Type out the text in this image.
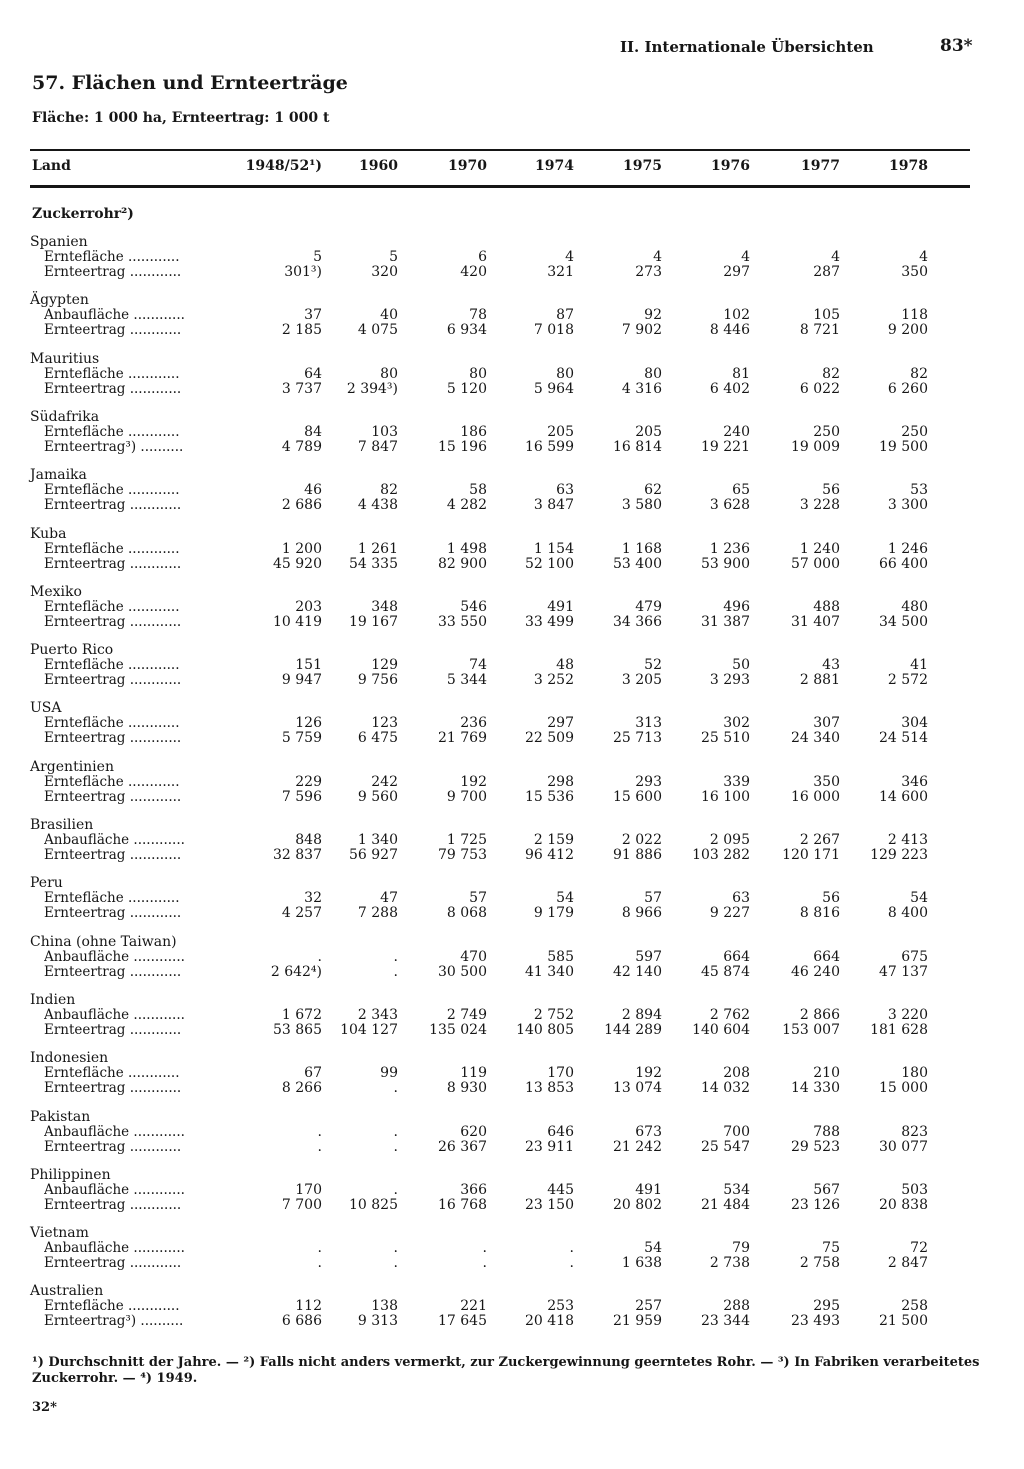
II. Internationale Übersichten	83*
57. Flächen und Ernteerträge
Fläche: 1 000 ha, Ernteertrag: 1 000 t
Land	1948/52¹)	1960	1970	1974	1975	1976	1977	1978
Zuckerrohr²)
Spanien
Erntefläche ............	5	5	6	4	4	4	4	4
Ernteertrag ............	301³)	320	420	321	273	297	287	350
Ägypten
Anbaufläche ............	37	40	78	87	92	102	105	118
Ernteertrag ............	2 185	4 075	6 934	7 018	7 902	8 446	8 721	9 200
Mauritius
Erntefläche ............	64	80	80	80	80	81	82	82
Ernteertrag ............	3 737	2 394³)	5 120	5 964	4 316	6 402	6 022	6 260
Südafrika
Erntefläche ............	84	103	186	205	205	240	250	250
Ernteertrag³) ..........	4 789	7 847	15 196	16 599	16 814	19 221	19 009	19 500
Jamaika
Erntefläche ............	46	82	58	63	62	65	56	53
Ernteertrag ............	2 686	4 438	4 282	3 847	3 580	3 628	3 228	3 300
Kuba
Erntefläche ............	1 200	1 261	1 498	1 154	1 168	1 236	1 240	1 246
Ernteertrag ............	45 920	54 335	82 900	52 100	53 400	53 900	57 000	66 400
Mexiko
Erntefläche ............	203	348	546	491	479	496	488	480
Ernteertrag ............	10 419	19 167	33 550	33 499	34 366	31 387	31 407	34 500
Puerto Rico
Erntefläche ............	151	129	74	48	52	50	43	41
Ernteertrag ............	9 947	9 756	5 344	3 252	3 205	3 293	2 881	2 572
USA
Erntefläche ............	126	123	236	297	313	302	307	304
Ernteertrag ............	5 759	6 475	21 769	22 509	25 713	25 510	24 340	24 514
Argentinien
Erntefläche ............	229	242	192	298	293	339	350	346
Ernteertrag ............	7 596	9 560	9 700	15 536	15 600	16 100	16 000	14 600
Brasilien
Anbaufläche ............	848	1 340	1 725	2 159	2 022	2 095	2 267	2 413
Ernteertrag ............	32 837	56 927	79 753	96 412	91 886	103 282	120 171	129 223
Peru
Erntefläche ............	32	47	57	54	57	63	56	54
Ernteertrag ............	4 257	7 288	8 068	9 179	8 966	9 227	8 816	8 400
China (ohne Taiwan)
Anbaufläche ............	.	.	470	585	597	664	664	675
Ernteertrag ............	2 642⁴)	.	30 500	41 340	42 140	45 874	46 240	47 137
Indien
Anbaufläche ............	1 672	2 343	2 749	2 752	2 894	2 762	2 866	3 220
Ernteertrag ............	53 865	104 127	135 024	140 805	144 289	140 604	153 007	181 628
Indonesien
Erntefläche ............	67	99	119	170	192	208	210	180
Ernteertrag ............	8 266	.	8 930	13 853	13 074	14 032	14 330	15 000
Pakistan
Anbaufläche ............	.	.	620	646	673	700	788	823
Ernteertrag ............	.	.	26 367	23 911	21 242	25 547	29 523	30 077
Philippinen
Anbaufläche ............	170	.	366	445	491	534	567	503
Ernteertrag ............	7 700	10 825	16 768	23 150	20 802	21 484	23 126	20 838
Vietnam
Anbaufläche ............	.	.	.	.	54	79	75	72
Ernteertrag ............	.	.	.	.	1 638	2 738	2 758	2 847
Australien
Erntefläche ............	112	138	221	253	257	288	295	258
Ernteertrag³) ..........	6 686	9 313	17 645	20 418	21 959	23 344	23 493	21 500
¹) Durchschnitt der Jahre. — ²) Falls nicht anders vermerkt, zur Zuckergewinnung geerntetes Rohr. — ³) In Fabriken verarbeitetes Zuckerrohr. — ⁴) 1949.
32*
